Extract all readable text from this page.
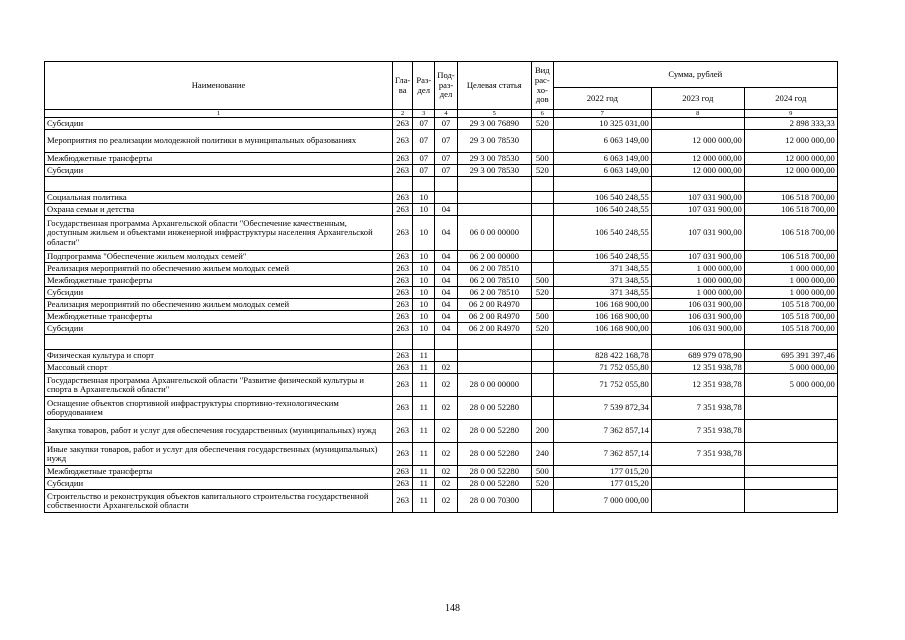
Наименование	Гла-ва	Раз-дел	Под-раз-дел	Целевая статья	Вид рас-хо-дов	Сумма, рублей		
						2022 год	2023 год	2024 год
1	2	3	4	5	6	7	8	9
Субсидии	263	07	07	29 3 00 76890	520	10 325 031,00		2 898 333,33
Мероприятия по реализации молодежной политики в муниципальных образованиях	263	07	07	29 3 00 78530		6 063 149,00	12 000 000,00	12 000 000,00
Межбюджетные трансферты	263	07	07	29 3 00 78530	500	6 063 149,00	12 000 000,00	12 000 000,00
Субсидии	263	07	07	29 3 00 78530	520	6 063 149,00	12 000 000,00	12 000 000,00

Социальная политика	263	10				106 540 248,55	107 031 900,00	106 518 700,00
Охрана семьи и детства	263	10	04			106 540 248,55	107 031 900,00	106 518 700,00
Государственная программа Архангельской области "Обеспечение качественным, доступным жильем и объектами инженерной инфраструктуры населения Архангельской области"	263	10	04	06 0 00 00000		106 540 248,55	107 031 900,00	106 518 700,00
Подпрограмма "Обеспечение жильем молодых семей"	263	10	04	06 2 00 00000		106 540 248,55	107 031 900,00	106 518 700,00
Реализация мероприятий по обеспечению жильем молодых семей	263	10	04	06 2 00 78510		371 348,55	1 000 000,00	1 000 000,00
Межбюджетные трансферты	263	10	04	06 2 00 78510	500	371 348,55	1 000 000,00	1 000 000,00
Субсидии	263	10	04	06 2 00 78510	520	371 348,55	1 000 000,00	1 000 000,00
Реализация мероприятий по обеспечению жильем молодых семей	263	10	04	06 2 00 R4970		106 168 900,00	106 031 900,00	105 518 700,00
Межбюджетные трансферты	263	10	04	06 2 00 R4970	500	106 168 900,00	106 031 900,00	105 518 700,00
Субсидии	263	10	04	06 2 00 R4970	520	106 168 900,00	106 031 900,00	105 518 700,00

Физическая культура и спорт	263	11				828 422 168,78	689 979 078,90	695 391 397,46
Массовый спорт	263	11	02			71 752 055,80	12 351 938,78	5 000 000,00
Государственная программа Архангельской области "Развитие физической культуры и спорта в Архангельской области"	263	11	02	28 0 00 00000		71 752 055,80	12 351 938,78	5 000 000,00
Оснащение объектов спортивной инфраструктуры спортивно-технологическим оборудованием	263	11	02	28 0 00 52280		7 539 872,34	7 351 938,78	
Закупка товаров, работ и услуг для обеспечения государственных (муниципальных) нужд	263	11	02	28 0 00 52280	200	7 362 857,14	7 351 938,78	
Иные закупки товаров, работ и услуг для обеспечения государственных (муниципальных) нужд	263	11	02	28 0 00 52280	240	7 362 857,14	7 351 938,78	
Межбюджетные трансферты	263	11	02	28 0 00 52280	500	177 015,20		
Субсидии	263	11	02	28 0 00 52280	520	177 015,20		
Строительство и реконструкция объектов капитального строительства государственной собственности Архангельской области	263	11	02	28 0 00 70300		7 000 000,00		
148
